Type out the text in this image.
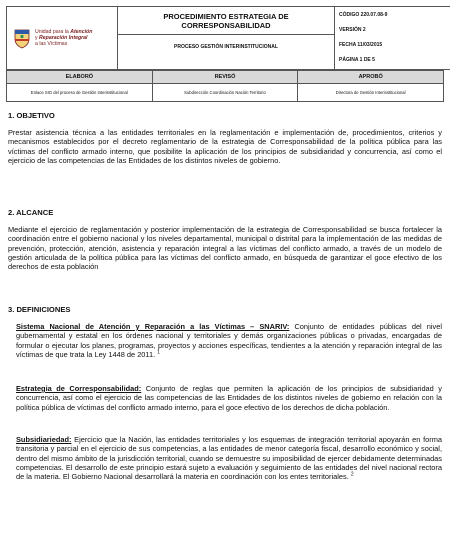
Unidad para la Atención
y Reparación Integral
a las Víctimas

PROCEDIMIENTO ESTRATEGIA DE CORRESPONSABILIDAD
PROCESO GESTIÓN INTERINSTITUCIONAL

CÓDIGO 220.07.08-9
VERSIÓN 2
FECHA 11/03/2015
PÁGINA 1 DE 5

ELABORÓ	REVISÓ	APROBÓ
Enlace SIG del proceso de Gestión Interinstitucional	Subdirección Coordinación Nación Territorio	Directora de Gestión Interinstitucional
1. OBJETIVO
Prestar asistencia técnica a las entidades territoriales en la reglamentación e implementación de, procedimientos, criterios y mecanismos establecidos por el decreto reglamentario de la estrategia de Corresponsabilidad de la política pública para las víctimas del conflicto armado interno, que posibilite la aplicación de los principios de subsidiaridad y concurrencia, así como el ejercicio de las competencias de las Entidades de los distintos niveles de gobierno.
2. ALCANCE
Mediante el ejercicio de reglamentación y posterior implementación de la estrategia de Corresponsabilidad se busca fortalecer la coordinación entre el gobierno nacional y los niveles departamental, municipal o distrital para la implementación de las medidas de prevención, protección, atención, asistencia y reparación integral a las víctimas del conflicto armado, a través de un modelo de gestión articulada de la política pública para las víctimas del conflicto armado, en búsqueda de garantizar el goce efectivo de los derechos de esta población
3. DEFINICIONES
Sistema Nacional de Atención y Reparación a las Víctimas – SNARIV: Conjunto de entidades públicas del nivel gubernamental y estatal en los órdenes nacional y territoriales y demás organizaciones públicas o privadas, encargadas de formular o ejecutar los planes, programas, proyectos y acciones específicas, tendientes a la atención y reparación integral de las víctimas de que trata la Ley 1448 de 2011. $^1$
Estrategia de Corresponsabilidad: Conjunto de reglas que permiten la aplicación de los principios de subsidiaridad y concurrencia, así como el ejercicio de las competencias de las Entidades de los distintos niveles de gobierno en relación con la política pública de víctimas del conflicto armado interno, para el goce efectivo de los derechos de dicha población.
Subsidiariedad: Ejercicio que la Nación, las entidades territoriales y los esquemas de integración territorial apoyarán en forma transitoria y parcial en el ejercicio de sus competencias, a las entidades de menor categoría fiscal, desarrollo económico y social, dentro del mismo ámbito de la jurisdicción territorial, cuando se demuestre su imposibilidad de ejercer debidamente determinadas competencias. El desarrollo de este principio estará sujeto a evaluación y seguimiento de las entidades del nivel nacional rectora de la materia. El Gobierno Nacional desarrollará la materia en coordinación con los entes territoriales. $^2$
